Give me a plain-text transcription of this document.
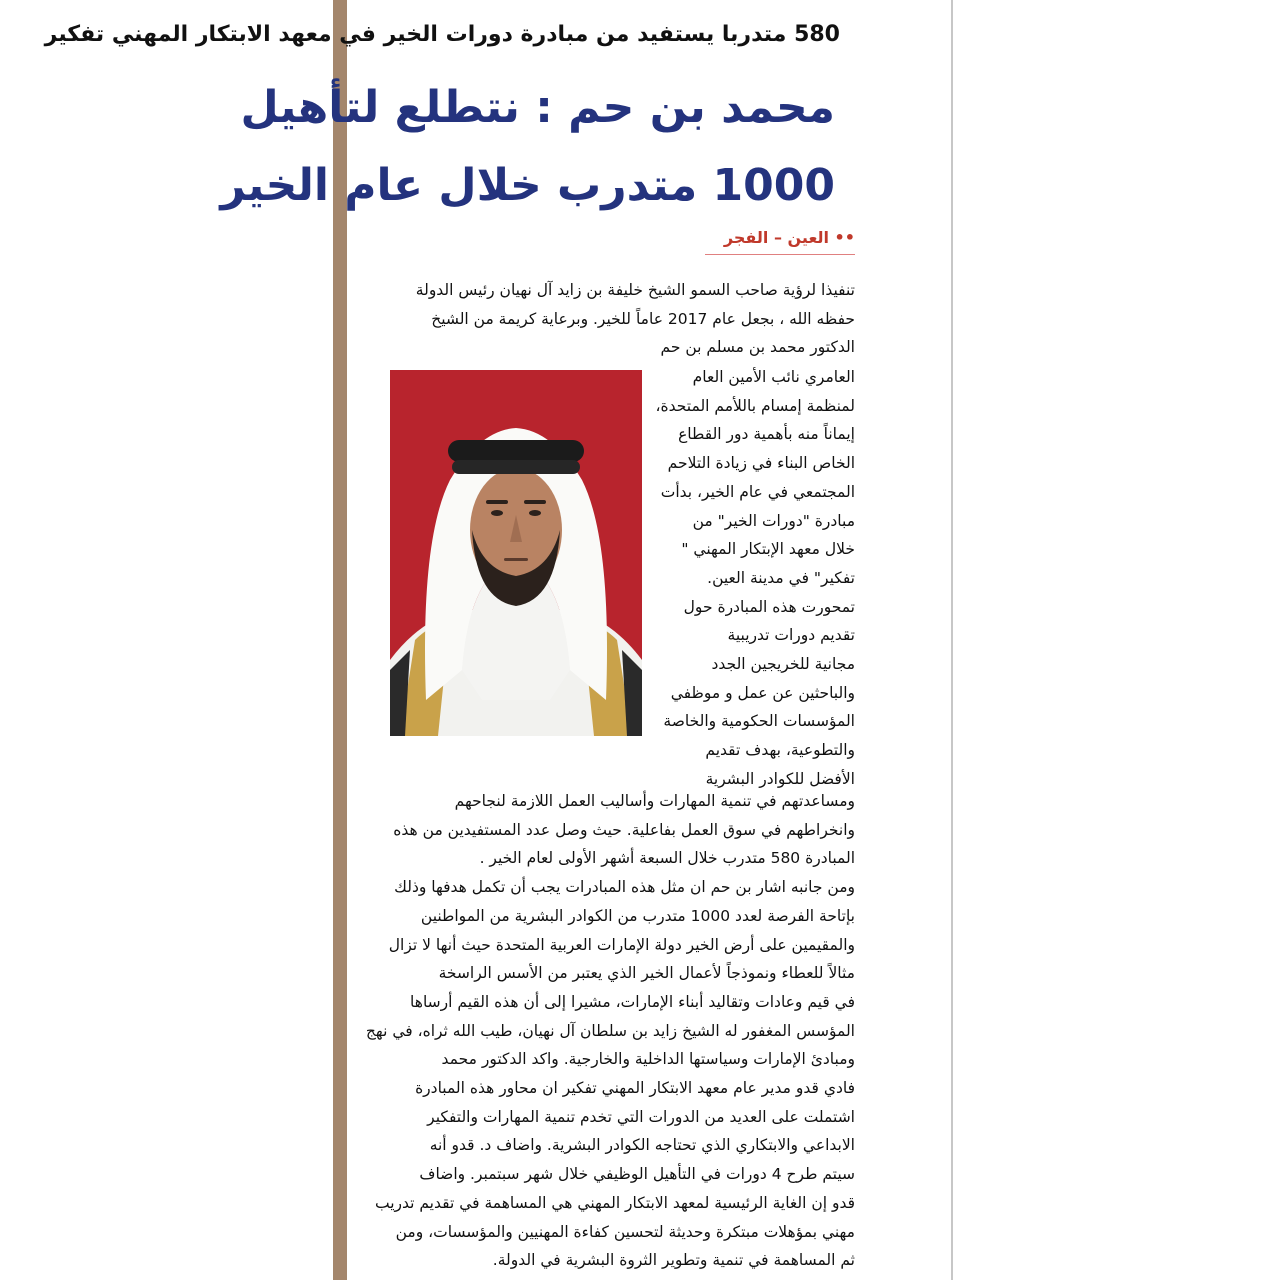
580 متدربا يستفيد من مبادرة دورات الخير في معهد الابتكار المهني تفكير
محمد بن حم : نتطلع لتأهيل
1000 متدرب خلال عام الخير
•• العين – الفجر
تنفيذا لرؤية صاحب السمو الشيخ خليفة بن زايد آل نهيان رئيس الدولة
حفظه الله ، بجعل عام 2017 عاماً للخير. وبرعاية كريمة من الشيخ
الدكتور محمد بن مسلم بن حم
العامري نائب الأمين العام
لمنظمة إمسام باللأمم المتحدة،
إيماناً منه بأهمية دور القطاع
الخاص البناء في زيادة التلاحم
المجتمعي في عام الخير، بدأت
مبادرة "دورات الخير" من
خلال معهد الإبتكار المهني "
تفكير" في مدينة العين.
تمحورت هذه المبادرة حول
تقديم دورات تدريبية
مجانية للخريجين الجدد
والباحثين عن عمل و موظفي
المؤسسات الحكومية والخاصة
والتطوعية، بهدف تقديم
الأفضل للكوادر البشرية
ومساعدتهم في تنمية المهارات وأساليب العمل اللازمة لنجاحهم
وانخراطهم في سوق العمل بفاعلية. حيث وصل عدد المستفيدين من هذه
المبادرة 580 متدرب خلال السبعة أشهر الأولى لعام الخير .
ومن جانبه اشار بن حم ان مثل هذه المبادرات يجب أن تكمل هدفها وذلك
بإتاحة الفرصة لعدد 1000 متدرب من الكوادر البشرية من المواطنين
والمقيمين على أرض الخير دولة الإمارات العربية المتحدة حيث أنها لا تزال
مثالاً للعطاء ونموذجاً لأعمال الخير الذي يعتبر من الأسس الراسخة
في قيم وعادات وتقاليد أبناء الإمارات، مشيرا إلى أن هذه القيم أرساها
المؤسس المغفور له الشيخ زايد بن سلطان آل نهيان، طيب الله ثراه، في نهج
ومبادئ الإمارات وسياستها الداخلية والخارجية. واكد الدكتور محمد
فادي قدو مدير عام معهد الابتكار المهني تفكير ان محاور هذه المبادرة
اشتملت على العديد من الدورات التي تخدم تنمية المهارات والتفكير
الابداعي والابتكاري الذي تحتاجه الكوادر البشرية. واضاف د. قدو أنه
سيتم طرح 4 دورات في التأهيل الوظيفي خلال شهر سبتمبر. واضاف
قدو إن الغاية الرئيسية لمعهد الابتكار المهني هي المساهمة في تقديم تدريب
مهني بمؤهلات مبتكرة وحديثة لتحسين كفاءة المهنيين والمؤسسات، ومن
ثم المساهمة في تنمية وتطوير الثروة البشرية في الدولة.
